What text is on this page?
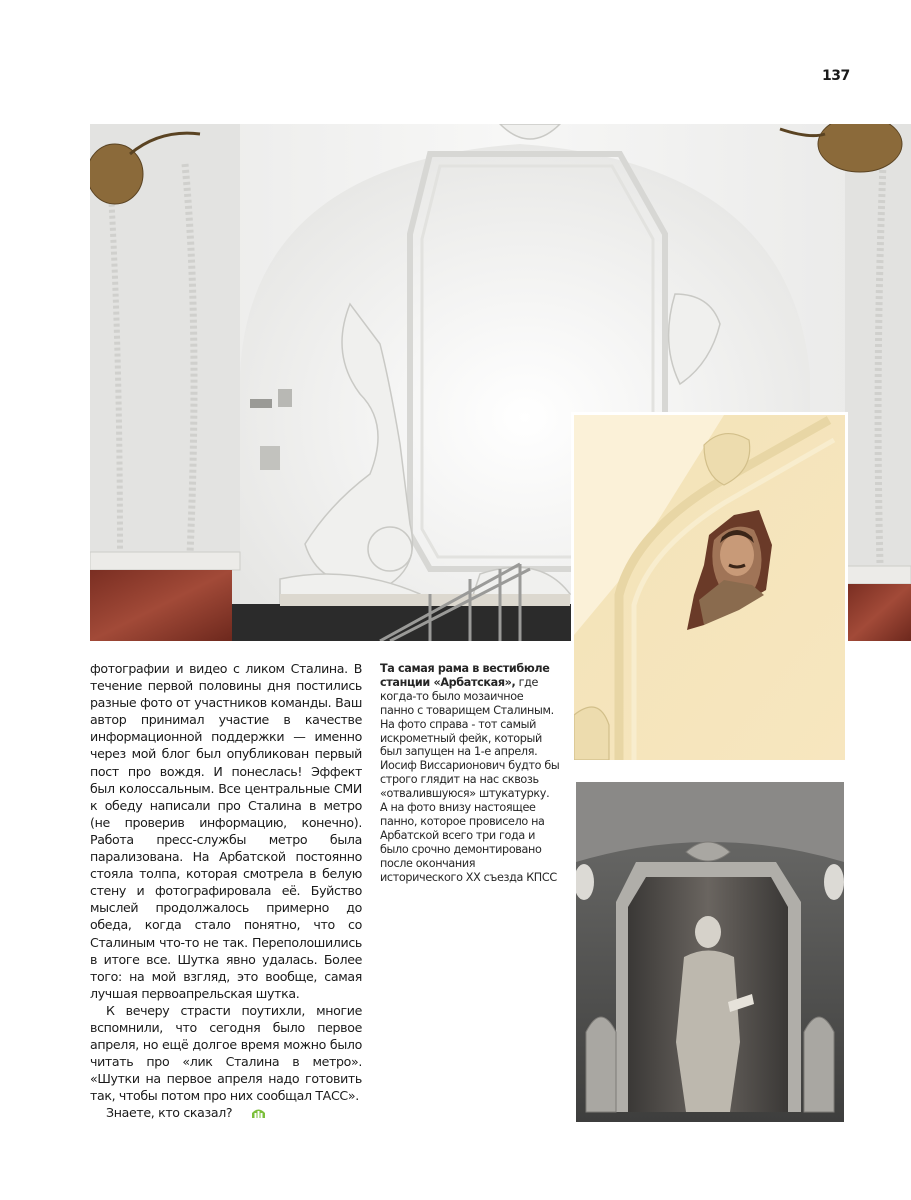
137

фотографии и видео с ликом Сталина. В течение первой половины дня постились разные фото от участников команды. Ваш автор принимал участие в качестве информационной поддержки — именно через мой блог был опубликован первый пост про вождя. И понеслась! Эффект был колоссальным. Все центральные СМИ к обеду написали про Сталина в метро (не проверив информацию, конечно). Работа пресс-службы метро была парализована. На Арбатской постоянно стояла толпа, которая смотрела в белую стену и фотографировала её. Буйство мыслей продолжалось примерно до обеда, когда стало понятно, что со Сталиным что-то не так. Переполошились в итоге все. Шутка явно удалась. Более того: на мой взгляд, это вообще, самая лучшая первоапрельская шутка.

К вечеру страсти поутихли, многие вспомнили, что сегодня было первое апреля, но ещё долгое время можно было читать про «лик Сталина в метро». «Шутки на первое апреля надо готовить так, чтобы потом про них сообщал ТАСС».

Знаете, кто сказал?

Та самая рама в вестибюле станции «Арбатская», где когда-то было мозаичное панно с товарищем Сталиным. На фото справа - тот самый искрометный фейк, который был запущен на 1-е апреля. Иосиф Виссарионович будто бы строго глядит на нас сквозь «отвалившуюся» штукатурку.

А на фото внизу настоящее панно, которое провисело на Арбатской всего три года и было срочно демонтировано после окончания исторического ХХ съезда КПСС
